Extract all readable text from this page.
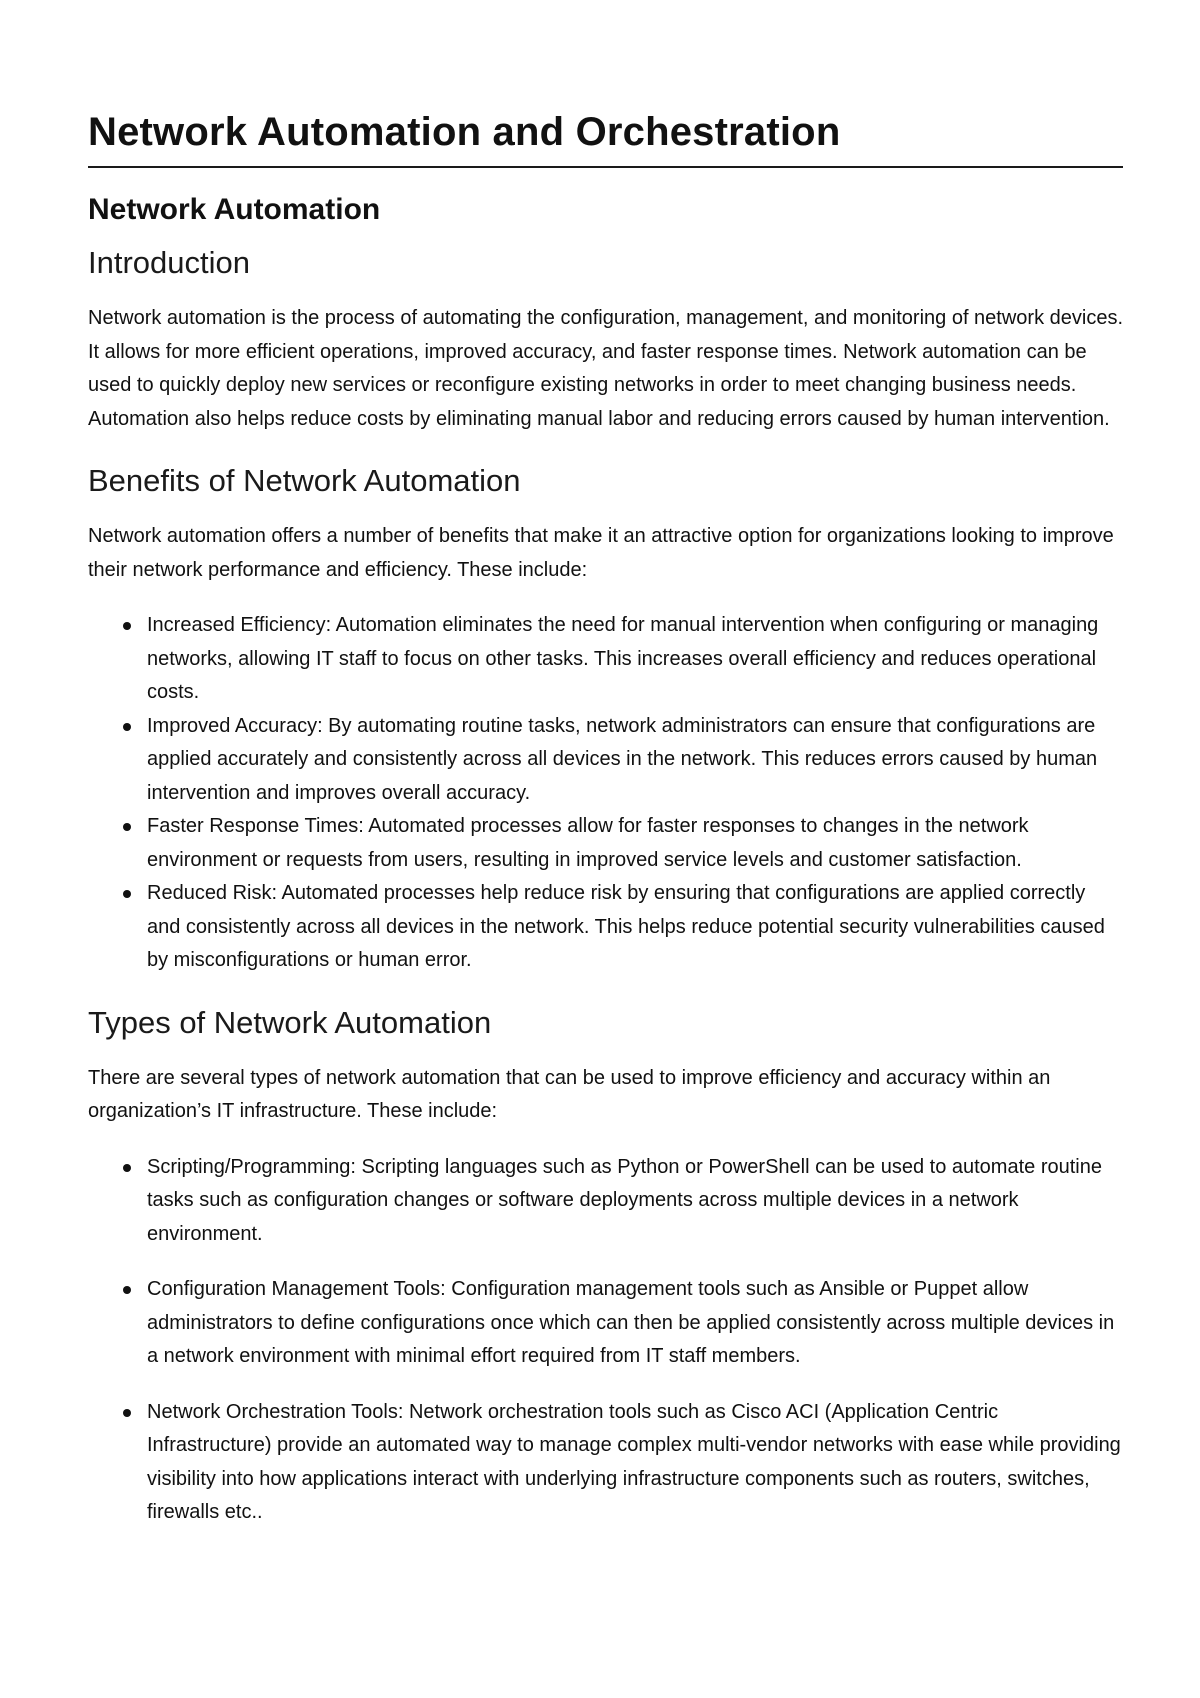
Network Automation and Orchestration
Network Automation
Introduction

Network automation is the process of automating the configuration, management, and monitoring of network devices. It allows for more efficient operations, improved accuracy, and faster response times. Network automation can be used to quickly deploy new services or reconfigure existing networks in order to meet changing business needs. Automation also helps reduce costs by eliminating manual labor and reducing errors caused by human intervention.

Benefits of Network Automation

Network automation offers a number of benefits that make it an attractive option for organizations looking to improve their network performance and efficiency. These include:

Increased Efficiency: Automation eliminates the need for manual intervention when configuring or managing networks, allowing IT staff to focus on other tasks. This increases overall efficiency and reduces operational costs.
Improved Accuracy: By automating routine tasks, network administrators can ensure that configurations are applied accurately and consistently across all devices in the network. This reduces errors caused by human intervention and improves overall accuracy.
Faster Response Times: Automated processes allow for faster responses to changes in the network environment or requests from users, resulting in improved service levels and customer satisfaction.
Reduced Risk: Automated processes help reduce risk by ensuring that configurations are applied correctly and consistently across all devices in the network. This helps reduce potential security vulnerabilities caused by misconfigurations or human error.
Types of Network Automation

There are several types of network automation that can be used to improve efficiency and accuracy within an organization’s IT infrastructure. These include:

Scripting/Programming: Scripting languages such as Python or PowerShell can be used to automate routine tasks such as configuration changes or software deployments across multiple devices in a network environment.
Configuration Management Tools: Configuration management tools such as Ansible or Puppet allow administrators to define configurations once which can then be applied consistently across multiple devices in a network environment with minimal effort required from IT staff members.
Network Orchestration Tools: Network orchestration tools such as Cisco ACI (Application Centric Infrastructure) provide an automated way to manage complex multi-vendor networks with ease while providing visibility into how applications interact with underlying infrastructure components such as routers, switches, firewalls etc..
